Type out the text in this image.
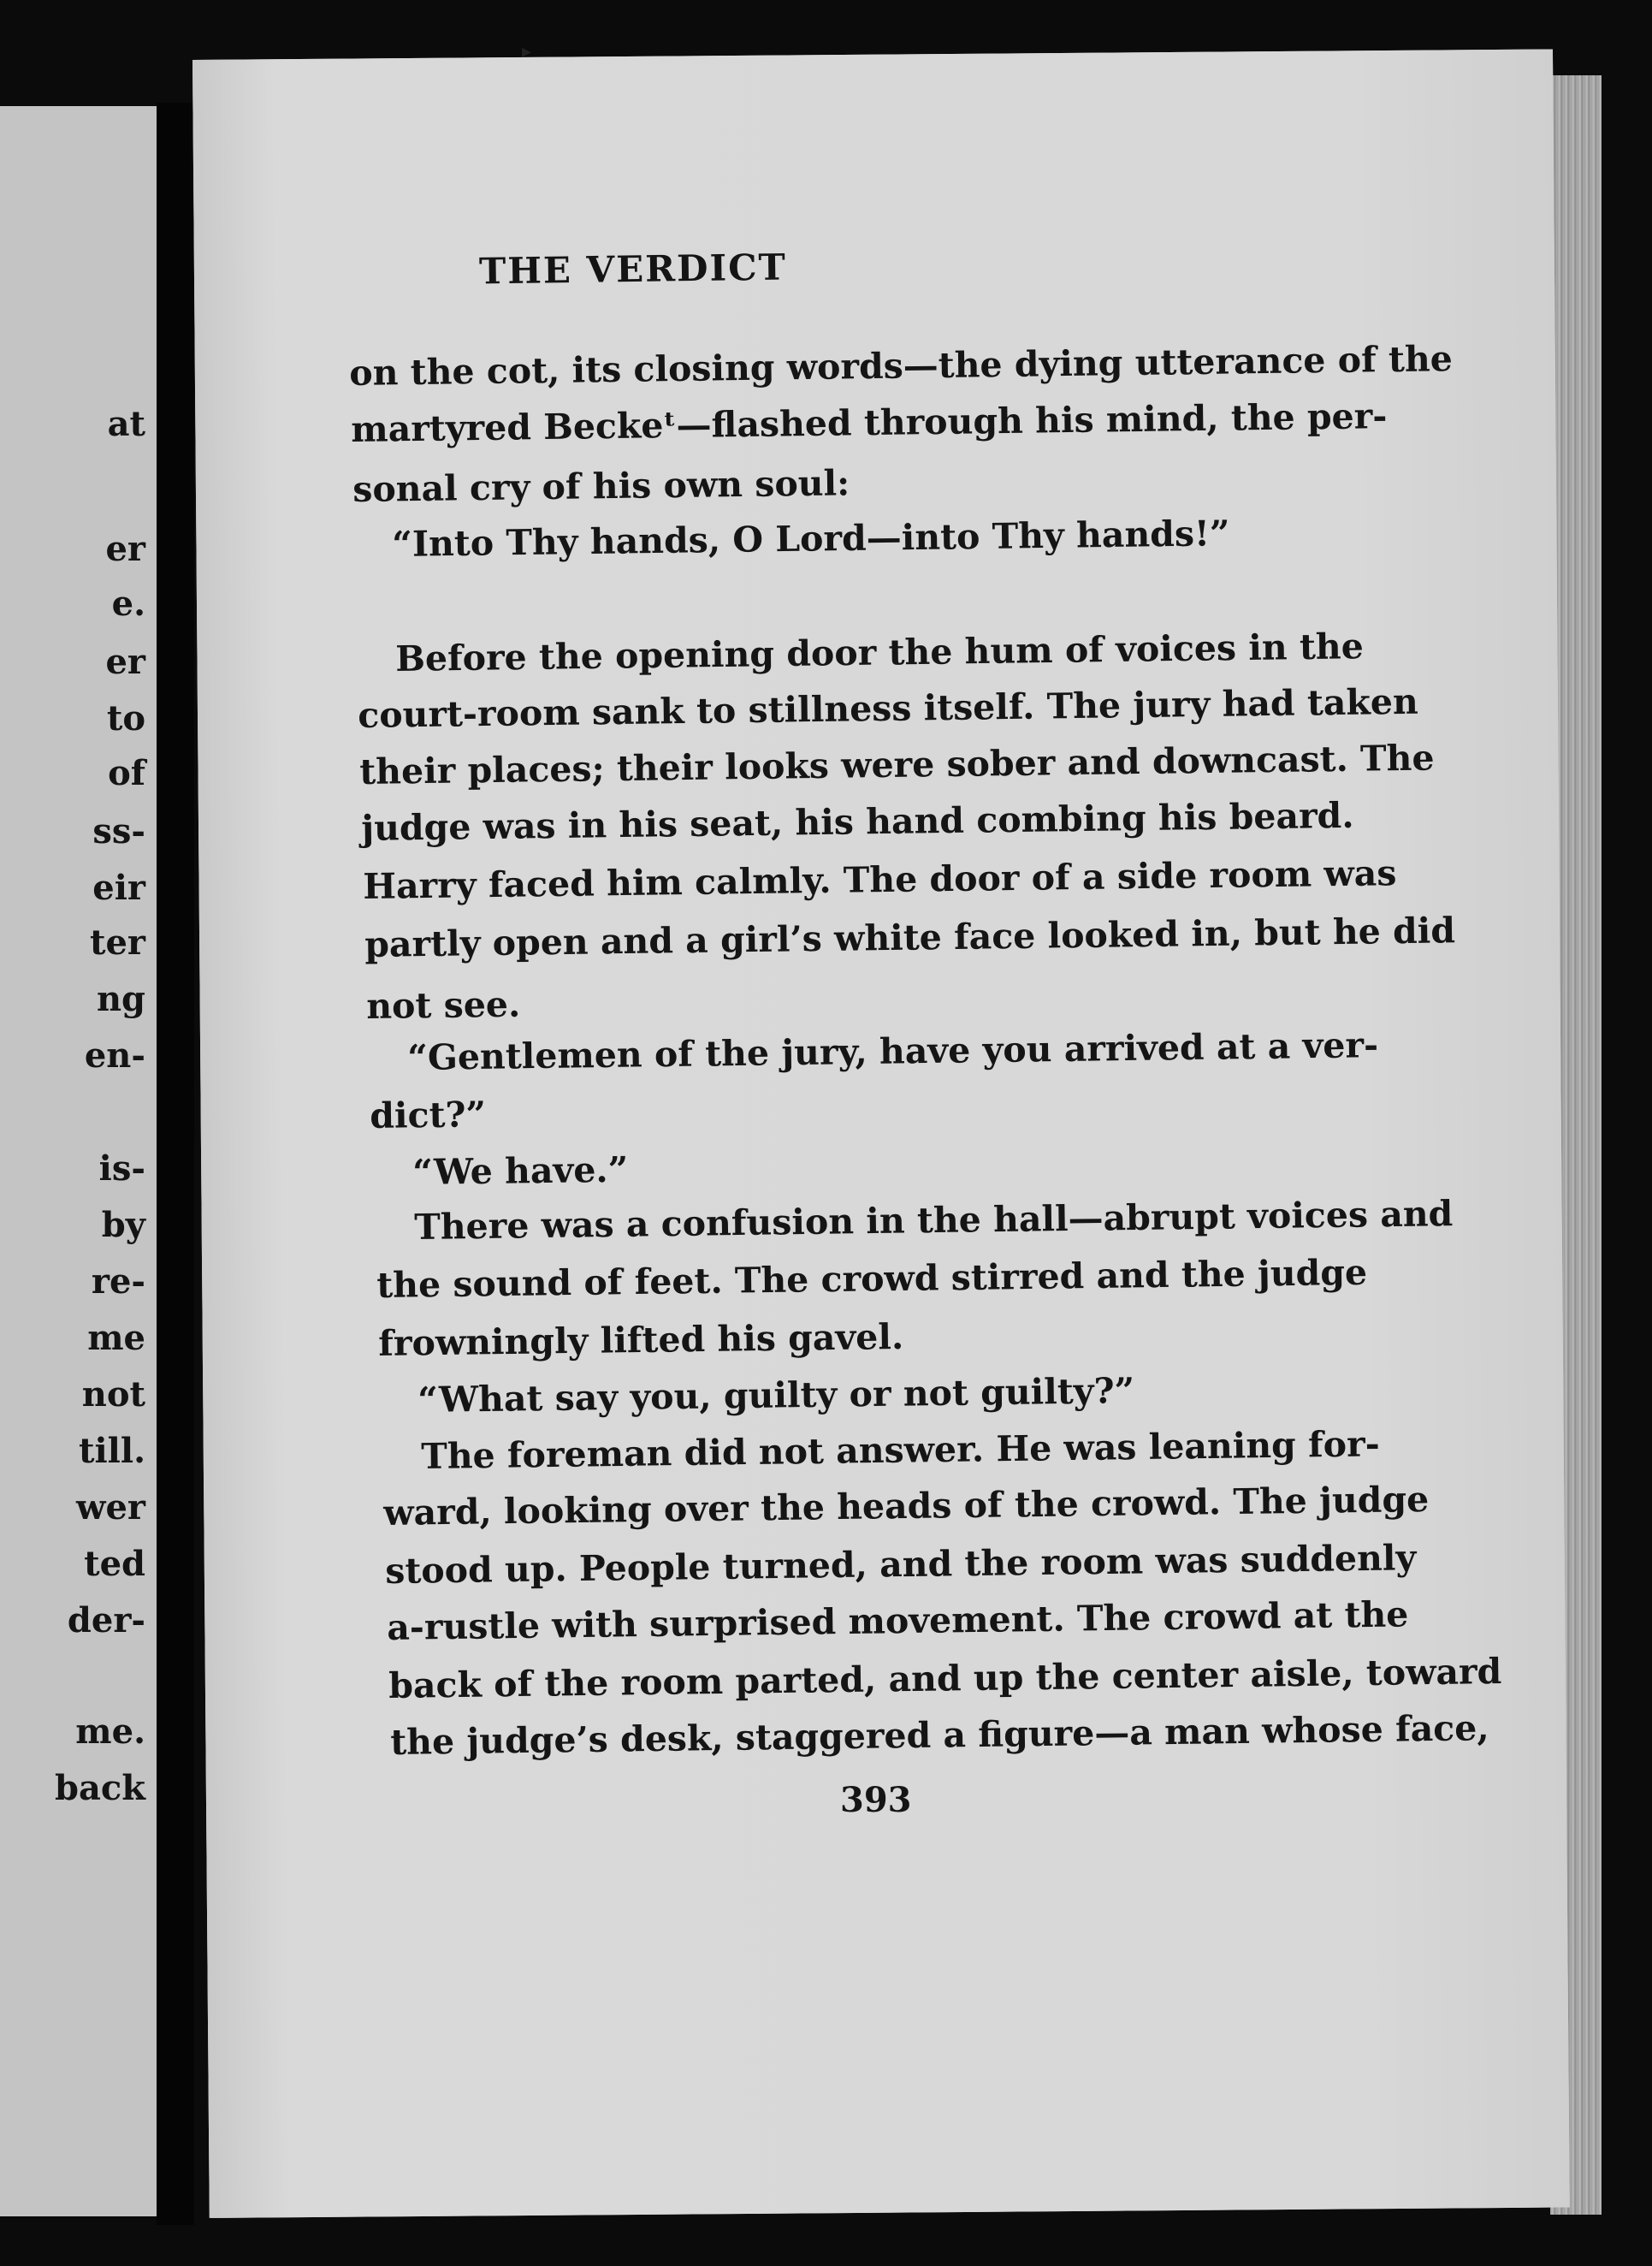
at
er
e.
er
to
of
ss-
eir
ter
ng
en-
is-
by
re-
me
not
till.
wer
ted
der-
me.
back
▸
THE VERDICT
on the cot, its closing words—the dying utterance of the
martyred Beckeᵗ—flashed through his mind, the per-
sonal cry of his own soul:
“Into Thy hands, O Lord—into Thy hands!”
Before the opening door the hum of voices in the
court-room sank to stillness itself. The jury had taken
their places; their looks were sober and downcast. The
judge was in his seat, his hand combing his beard.
Harry faced him calmly. The door of a side room was
partly open and a girl’s white face looked in, but he did
not see.
“Gentlemen of the jury, have you arrived at a ver-
dict?”
“We have.”
There was a confusion in the hall—abrupt voices and
the sound of feet. The crowd stirred and the judge
frowningly lifted his gavel.
“What say you, guilty or not guilty?”
The foreman did not answer. He was leaning for-
ward, looking over the heads of the crowd. The judge
stood up. People turned, and the room was suddenly
a-rustle with surprised movement. The crowd at the
back of the room parted, and up the center aisle, toward
the judge’s desk, staggered a figure—a man whose face,
393
